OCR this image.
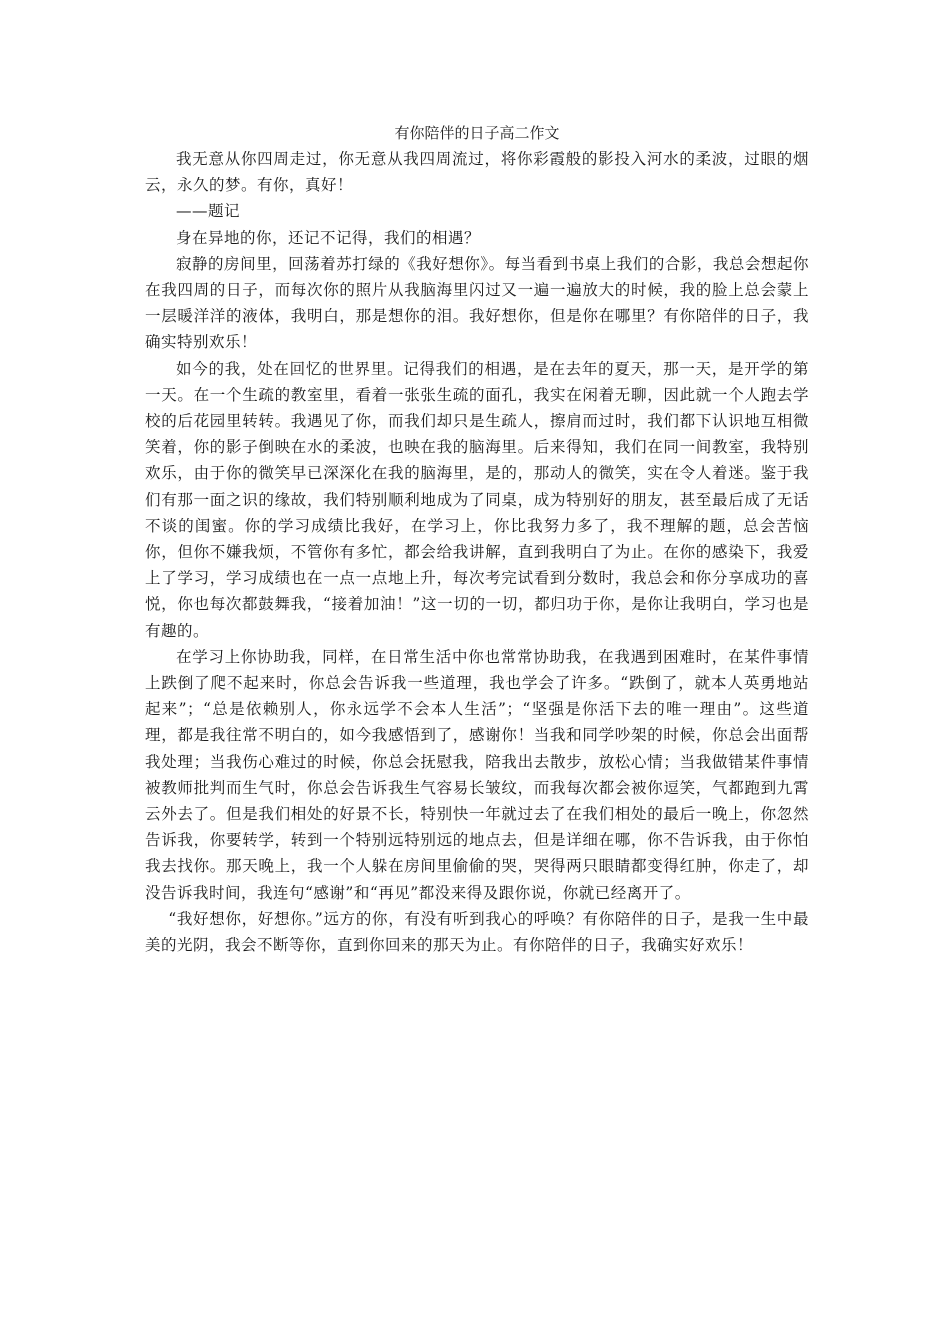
有你陪伴的日子高二作文

我无意从你四周走过，你无意从我四周流过，将你彩霞般的影投入河水的柔波，过眼的烟云，永久的梦。有你，真好！

——题记

身在异地的你，还记不记得，我们的相遇？

寂静的房间里，回荡着苏打绿的《我好想你》。每当看到书桌上我们的合影，我总会想起你在我四周的日子，而每次你的照片从我脑海里闪过又一遍一遍放大的时候，我的脸上总会蒙上一层暖洋洋的液体，我明白，那是想你的泪。我好想你，但是你在哪里？有你陪伴的日子，我确实特别欢乐！

如今的我，处在回忆的世界里。记得我们的相遇，是在去年的夏天，那一天，是开学的第一天。在一个生疏的教室里，看着一张张生疏的面孔，我实在闲着无聊，因此就一个人跑去学校的后花园里转转。我遇见了你，而我们却只是生疏人，擦肩而过时，我们都下认识地互相微笑着，你的影子倒映在水的柔波，也映在我的脑海里。后来得知，我们在同一间教室，我特别欢乐，由于你的微笑早已深深化在我的脑海里，是的，那动人的微笑，实在令人着迷。鉴于我们有那一面之识的缘故，我们特别顺利地成为了同桌，成为特别好的朋友，甚至最后成了无话不谈的闺蜜。你的学习成绩比我好，在学习上，你比我努力多了，我不理解的题，总会苦恼你，但你不嫌我烦，不管你有多忙，都会给我讲解，直到我明白了为止。在你的感染下，我爱上了学习，学习成绩也在一点一点地上升，每次考完试看到分数时，我总会和你分享成功的喜悦，你也每次都鼓舞我，“接着加油！”这一切的一切，都归功于你，是你让我明白，学习也是有趣的。

在学习上你协助我，同样，在日常生活中你也常常协助我，在我遇到困难时，在某件事情上跌倒了爬不起来时，你总会告诉我一些道理，我也学会了许多。“跌倒了，就本人英勇地站起来”；“总是依赖别人，你永远学不会本人生活”；“坚强是你活下去的唯一理由”。这些道理，都是我往常不明白的，如今我感悟到了，感谢你！当我和同学吵架的时候，你总会出面帮我处理；当我伤心难过的时候，你总会抚慰我，陪我出去散步，放松心情；当我做错某件事情被教师批判而生气时，你总会告诉我生气容易长皱纹，而我每次都会被你逗笑，气都跑到九霄云外去了。但是我们相处的好景不长，特别快一年就过去了在我们相处的最后一晚上，你忽然告诉我，你要转学，转到一个特别远特别远的地点去，但是详细在哪，你不告诉我，由于你怕我去找你。那天晚上，我一个人躲在房间里偷偷的哭，哭得两只眼睛都变得红肿，你走了，却没告诉我时间，我连句“感谢”和“再见”都没来得及跟你说，你就已经离开了。

“我好想你，好想你。”远方的你，有没有听到我心的呼唤？有你陪伴的日子，是我一生中最美的光阴，我会不断等你，直到你回来的那天为止。有你陪伴的日子，我确实好欢乐！
